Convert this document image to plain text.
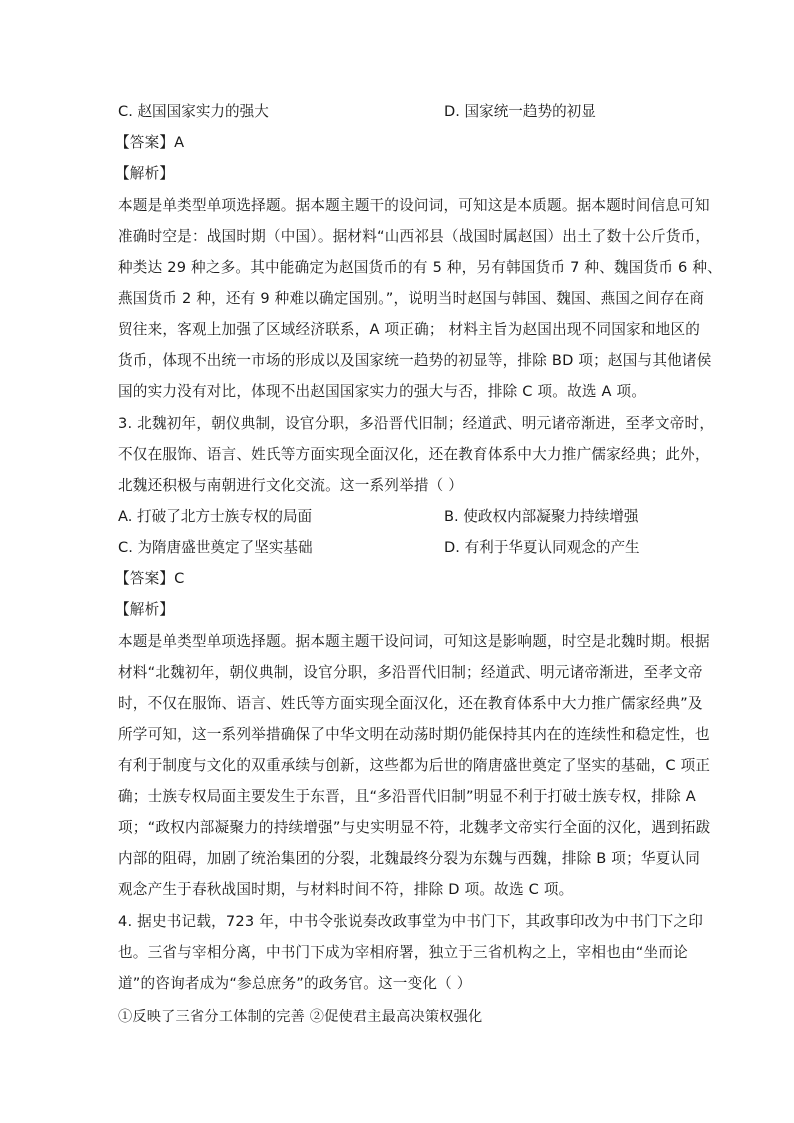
C. 赵国国家实力的强大	D. 国家统一趋势的初显
【答案】A
【解析】
本题是单类型单项选择题。据本题主题干的设问词，可知这是本质题。据本题时间信息可知
准确时空是：战国时期（中国）。据材料“山西祁县（战国时属赵国）出土了数十公斤货币，
种类达 29 种之多。其中能确定为赵国货币的有 5 种，另有韩国货币 7 种、魏国货币 6 种、
燕国货币 2 种，还有 9 种难以确定国别。”，说明当时赵国与韩国、魏国、燕国之间存在商
贸往来，客观上加强了区域经济联系，A 项正确； 材料主旨为赵国出现不同国家和地区的
货币，体现不出统一市场的形成以及国家统一趋势的初显等，排除 BD 项；赵国与其他诸侯
国的实力没有对比，体现不出赵国国家实力的强大与否，排除 C 项。故选 A 项。
3. 北魏初年，朝仪典制，设官分职，多沿晋代旧制；经道武、明元诸帝渐进，至孝文帝时，
不仅在服饰、语言、姓氏等方面实现全面汉化，还在教育体系中大力推广儒家经典；此外，
北魏还积极与南朝进行文化交流。这一系列举措（ ）
A. 打破了北方士族专权的局面	B. 使政权内部凝聚力持续增强
C. 为隋唐盛世奠定了坚实基础	D. 有利于华夏认同观念的产生
【答案】C
【解析】
本题是单类型单项选择题。据本题主题干设问词，可知这是影响题，时空是北魏时期。根据
材料“北魏初年，朝仪典制，设官分职，多沿晋代旧制；经道武、明元诸帝渐进，至孝文帝
时，不仅在服饰、语言、姓氏等方面实现全面汉化，还在教育体系中大力推广儒家经典”及
所学可知，这一系列举措确保了中华文明在动荡时期仍能保持其内在的连续性和稳定性，也
有利于制度与文化的双重承续与创新，这些都为后世的隋唐盛世奠定了坚实的基础，C 项正
确；士族专权局面主要发生于东晋，且“多沿晋代旧制”明显不利于打破士族专权，排除 A
项；“政权内部凝聚力的持续增强”与史实明显不符，北魏孝文帝实行全面的汉化，遇到拓跋
内部的阻碍，加剧了统治集团的分裂，北魏最终分裂为东魏与西魏，排除 B 项；华夏认同
观念产生于春秋战国时期，与材料时间不符，排除 D 项。故选 C 项。
4. 据史书记载，723 年，中书令张说奏改政事堂为中书门下，其政事印改为中书门下之印
也。三省与宰相分离，中书门下成为宰相府署，独立于三省机构之上，宰相也由“坐而论
道”的咨询者成为“参总庶务”的政务官。这一变化（ ）
①反映了三省分工体制的完善 ②促使君主最高决策权强化
